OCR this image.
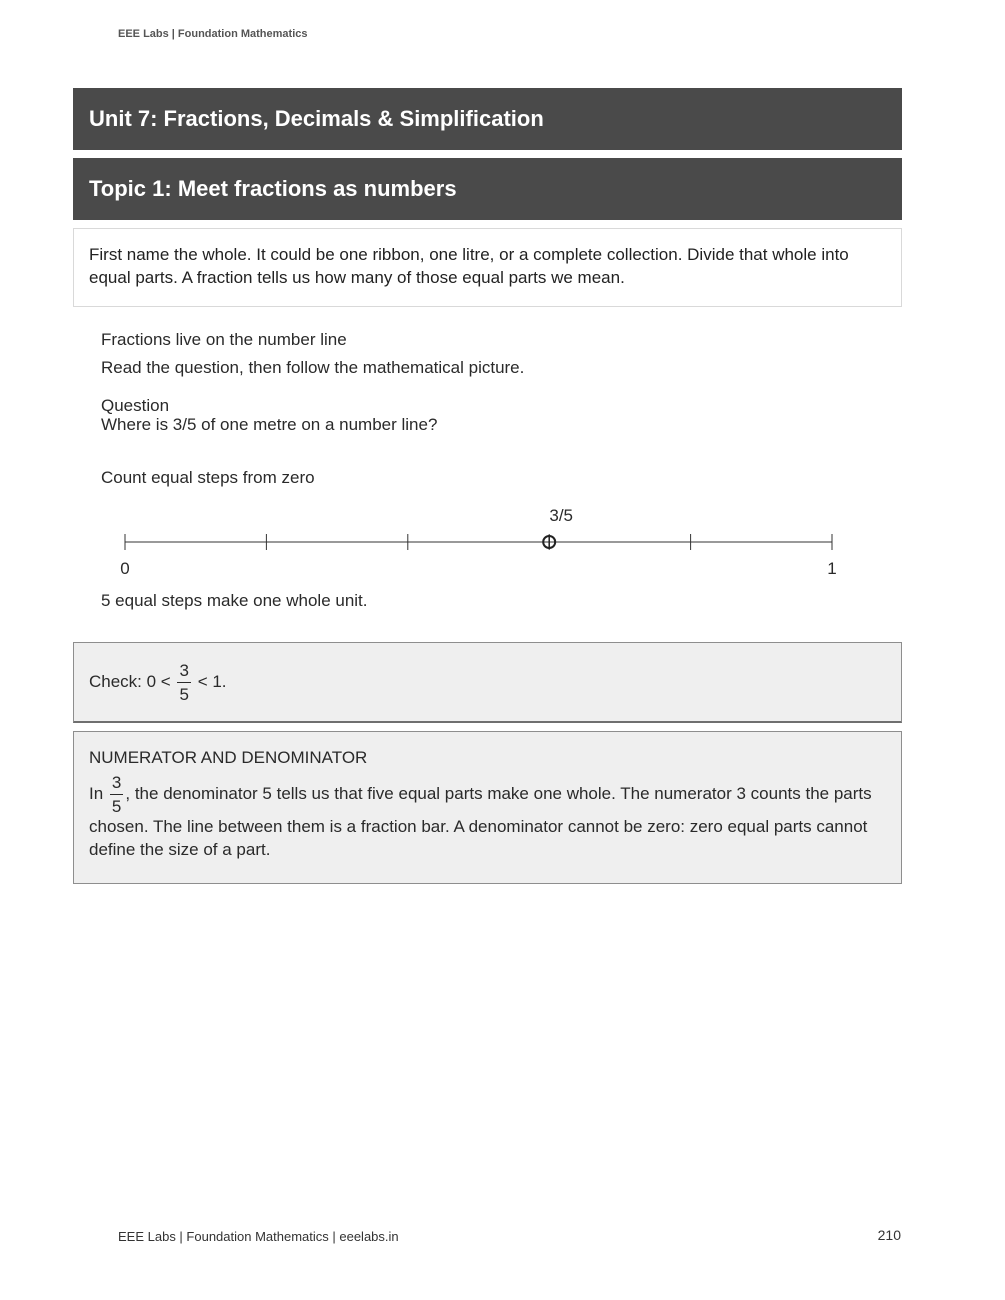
EEE Labs | Foundation Mathematics
Unit 7: Fractions, Decimals & Simplification
Topic 1: Meet fractions as numbers
First name the whole. It could be one ribbon, one litre, or a complete collection. Divide that whole into equal parts. A fraction tells us how many of those equal parts we mean.
Fractions live on the number line
Read the question, then follow the mathematical picture.
Question
Where is 3/5 of one metre on a number line?
Count equal steps from zero
3/5
0	1
5 equal steps make one whole unit.
Check: 0 <
$\frac{3}{5}$
< 1.
NUMERATOR AND DENOMINATOR
In $\frac{3}{5}$ , the denominator 5 tells us that five equal parts make one whole. The numerator 3 counts the parts chosen. The line between them is a fraction bar. A denominator cannot be zero: zero equal parts cannot define the size of a part.
EEE Labs | Foundation Mathematics | eeelabs.in	210
